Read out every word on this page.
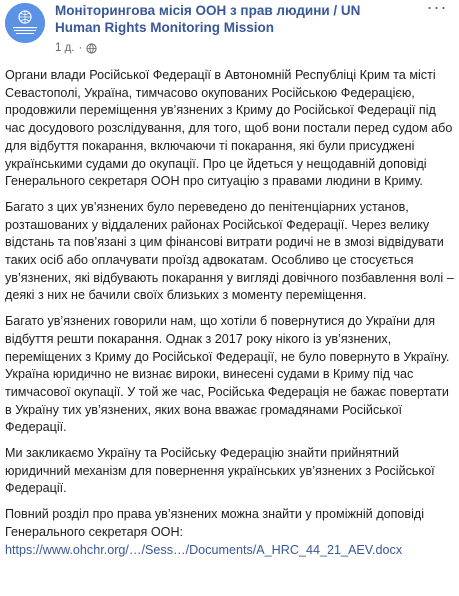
Моніторингова місія ООН з прав людини / UN Human Rights Monitoring Mission
1 д. ·
···

Органи влади Російської Федерації в Автономній Республіці Крим та місті Севастополі, Україна, тимчасово окупованих Російською Федерацією, продовжили переміщення ув’язнених з Криму до Російської Федерації під час досудового розслідування, для того, щоб вони постали перед судом або для відбуття покарання, включаючи ті покарання, які були присуджені українськими судами до окупації. Про це йдеться у нещодавній доповіді Генерального секретаря ООН про ситуацію з правами людини в Криму.

Багато з цих ув’язнених було переведено до пенітенціарних установ, розташованих у віддалених районах Російської Федерації. Через велику відстань та пов’язані з цим фінансові витрати родичі не в змозі відвідувати таких осіб або оплачувати проїзд адвокатам. Особливо це стосується ув’язнених, які відбувають покарання у вигляді довічного позбавлення волі – деякі з них не бачили своїх близьких з моменту переміщення.

Багато ув’язнених говорили нам, що хотіли б повернутися до України для відбуття решти покарання. Однак з 2017 року нікого із ув’язнених, переміщених з Криму до Російської Федерації, не було повернуто в Україну. Україна юридично не визнає вироки, винесені судами в Криму під час тимчасової окупації. У той же час, Російська Федерація не бажає повертати в Україну тих ув’язнених, яких вона вважає громадянами Російської Федерації.

Ми закликаємо Україну та Російську Федерацію знайти прийнятний юридичний механізм для повернення українських ув’язнених з Російської Федерації.

Повний розділ про права ув’язнених можна знайти у проміжній доповіді Генерального секретаря ООН:
https://www.ohchr.org/…/Sess…/Documents/A_HRC_44_21_AEV.docx
